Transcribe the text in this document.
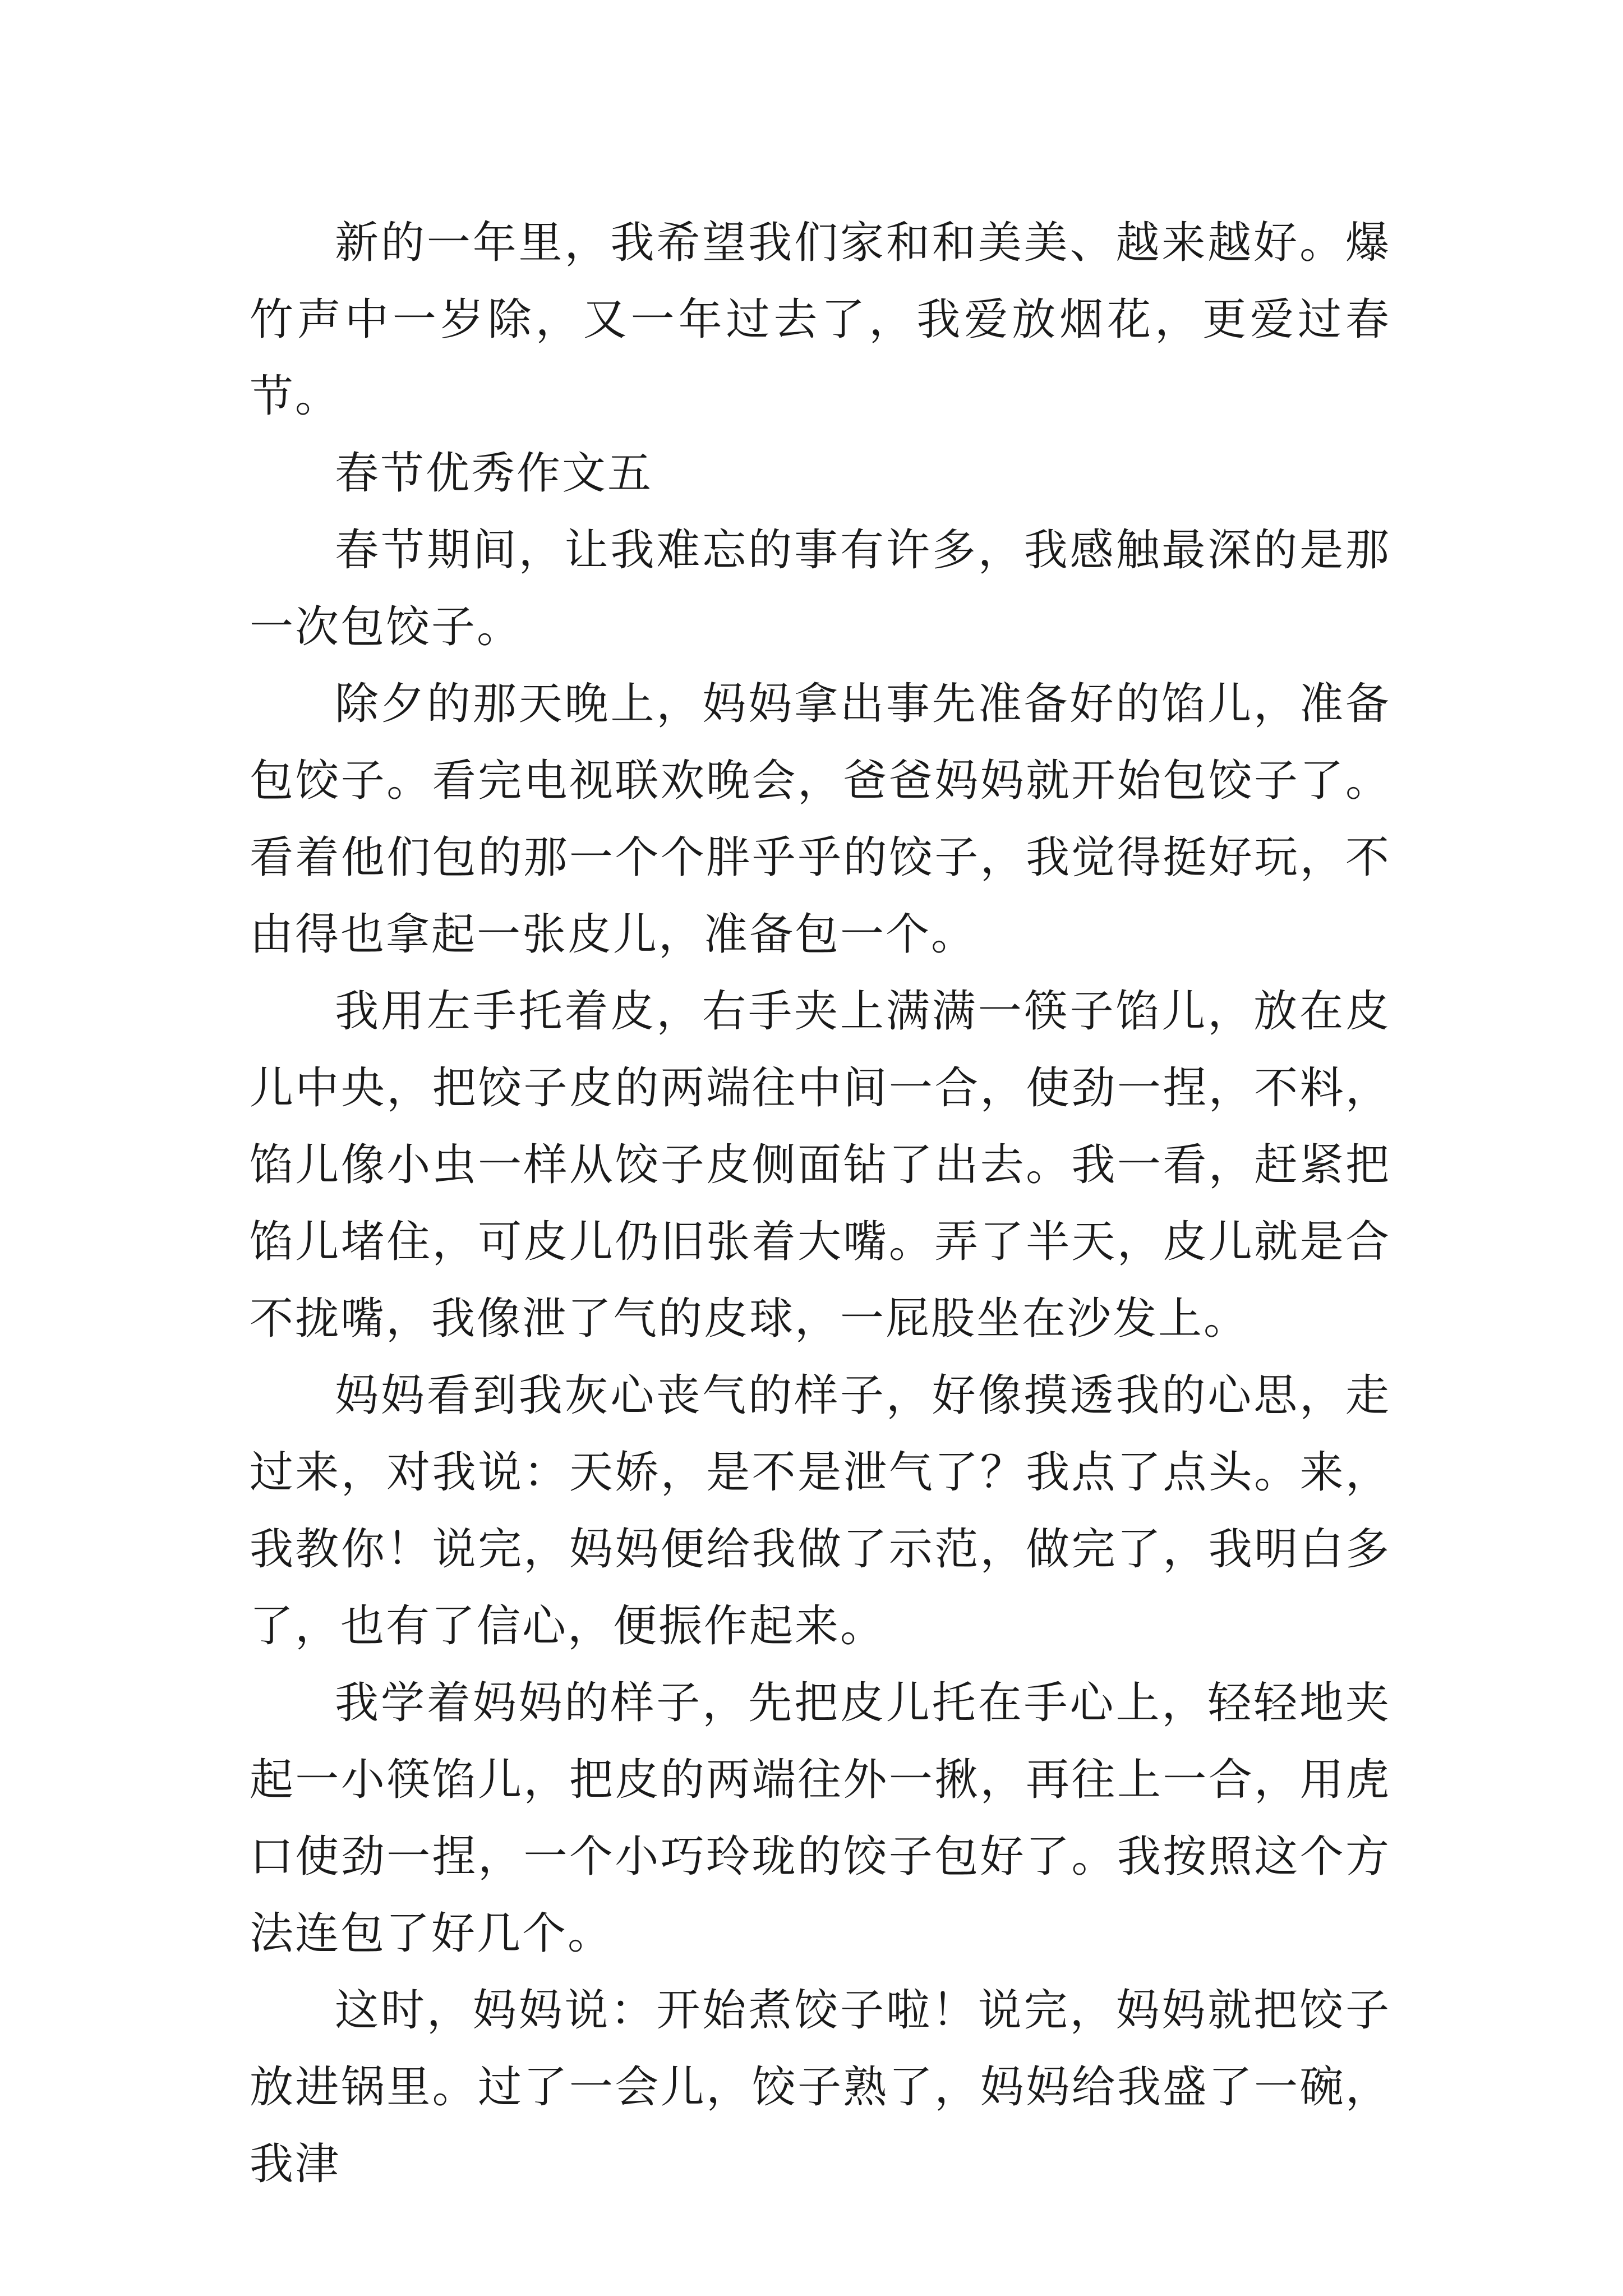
新的一年里，我希望我们家和和美美、越来越好。爆竹声中一岁除，又一年过去了，我爱放烟花，更爱过春节。

春节优秀作文五

春节期间，让我难忘的事有许多，我感触最深的是那一次包饺子。

除夕的那天晚上，妈妈拿出事先准备好的馅儿，准备包饺子。看完电视联欢晚会，爸爸妈妈就开始包饺子了。看着他们包的那一个个胖乎乎的饺子，我觉得挺好玩，不由得也拿起一张皮儿，准备包一个。

我用左手托着皮，右手夹上满满一筷子馅儿，放在皮儿中央，把饺子皮的两端往中间一合，使劲一捏，不料，馅儿像小虫一样从饺子皮侧面钻了出去。我一看，赶紧把馅儿堵住，可皮儿仍旧张着大嘴。弄了半天，皮儿就是合不拢嘴，我像泄了气的皮球，一屁股坐在沙发上。

妈妈看到我灰心丧气的样子，好像摸透我的心思，走过来，对我说：天娇，是不是泄气了？我点了点头。来，我教你！说完，妈妈便给我做了示范，做完了，我明白多了，也有了信心，便振作起来。

我学着妈妈的样子，先把皮儿托在手心上，轻轻地夹起一小筷馅儿，把皮的两端往外一揪，再往上一合，用虎口使劲一捏，一个小巧玲珑的饺子包好了。我按照这个方法连包了好几个。

这时，妈妈说：开始煮饺子啦！说完，妈妈就把饺子放进锅里。过了一会儿，饺子熟了，妈妈给我盛了一碗，我津
